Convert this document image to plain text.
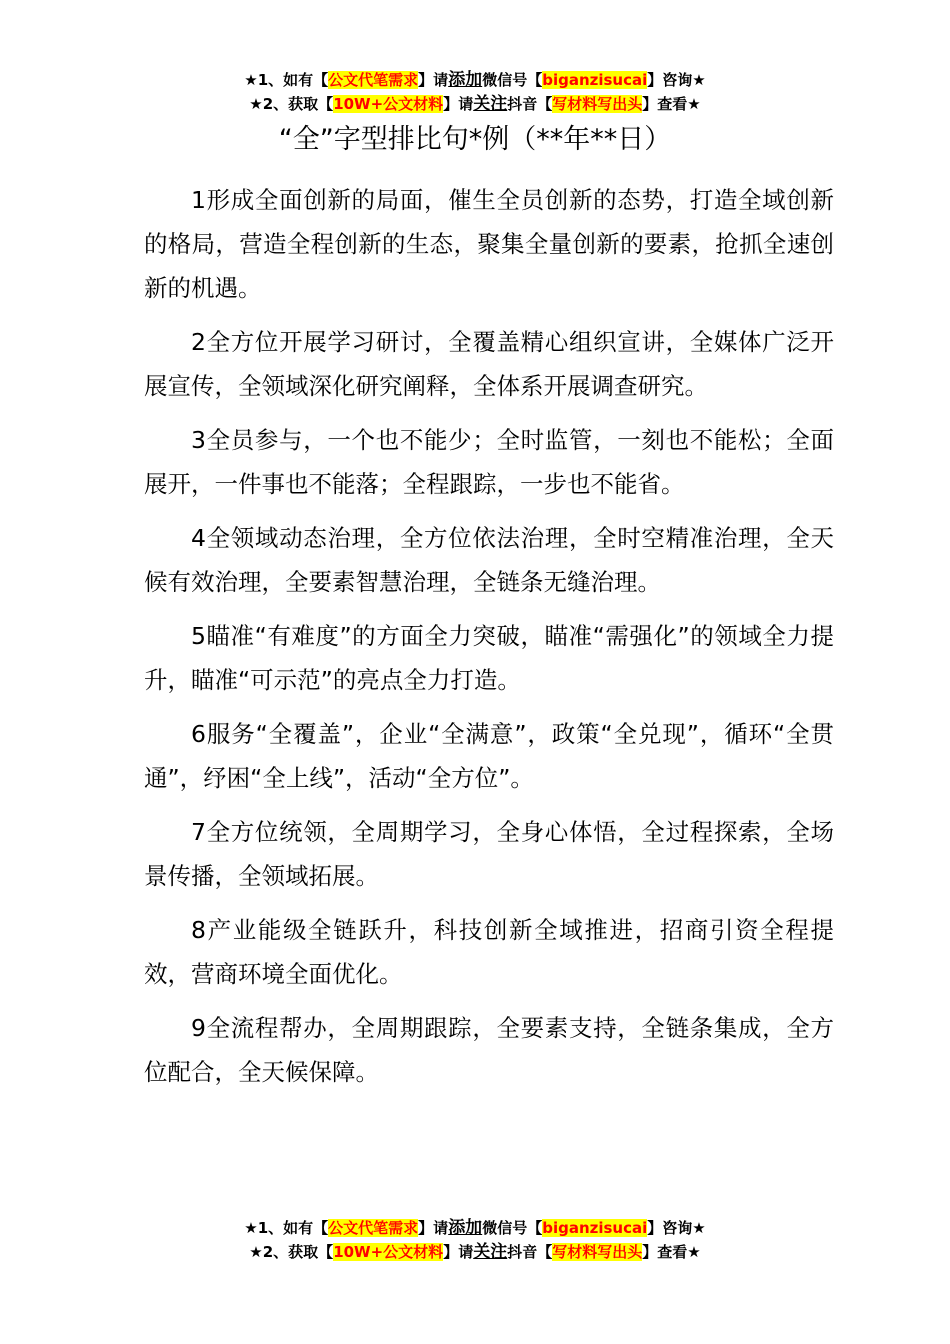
★1、如有【公文代笔需求】请添加微信号【biganzisucai】咨询★
★2、获取【10W+公文材料】请关注抖音【写材料写出头】查看★
“全”字型排比句*例（**年**日）

1形成全面创新的局面，催生全员创新的态势，打造全域创新的格局，营造全程创新的生态，聚集全量创新的要素，抢抓全速创新的机遇。

2全方位开展学习研讨，全覆盖精心组织宣讲，全媒体广泛开展宣传，全领域深化研究阐释，全体系开展调查研究。

3全员参与，一个也不能少；全时监管，一刻也不能松；全面展开，一件事也不能落；全程跟踪，一步也不能省。

4全领域动态治理，全方位依法治理，全时空精准治理，全天候有效治理，全要素智慧治理，全链条无缝治理。

5瞄准“有难度”的方面全力突破，瞄准“需强化”的领域全力提升，瞄准“可示范”的亮点全力打造。

6服务“全覆盖”，企业“全满意”，政策“全兑现”，循环“全贯通”，纾困“全上线”，活动“全方位”。

7全方位统领，全周期学习，全身心体悟，全过程探索，全场景传播，全领域拓展。

8产业能级全链跃升，科技创新全域推进，招商引资全程提效，营商环境全面优化。

9全流程帮办，全周期跟踪，全要素支持，全链条集成，全方位配合，全天候保障。

★1、如有【公文代笔需求】请添加微信号【biganzisucai】咨询★
★2、获取【10W+公文材料】请关注抖音【写材料写出头】查看★
